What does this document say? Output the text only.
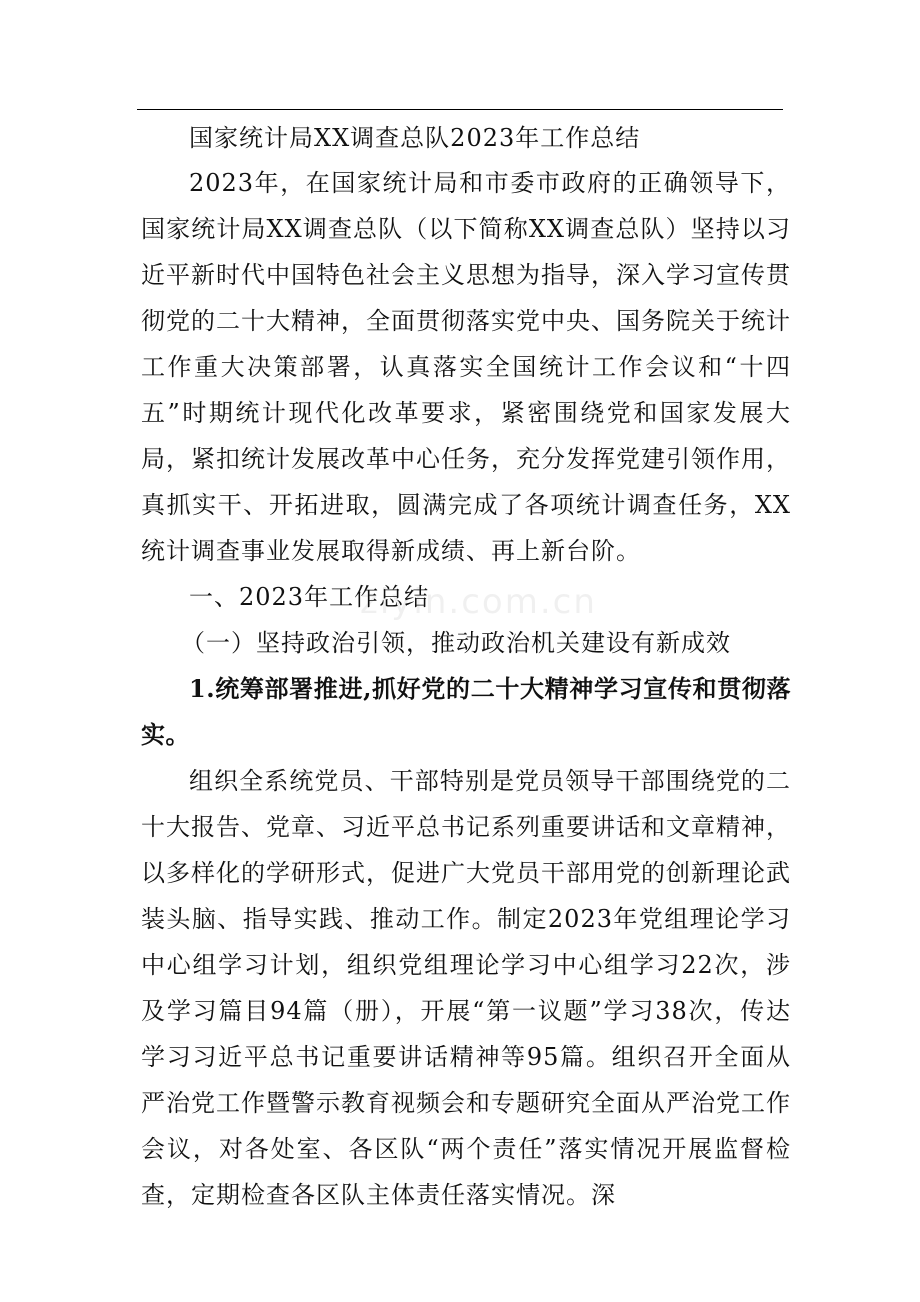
国家统计局XX调查总队2023年工作总结

2023年，在国家统计局和市委市政府的正确领导下，国家统计局XX调查总队（以下简称XX调查总队）坚持以习近平新时代中国特色社会主义思想为指导，深入学习宣传贯彻党的二十大精神，全面贯彻落实党中央、国务院关于统计工作重大决策部署，认真落实全国统计工作会议和“十四五”时期统计现代化改革要求，紧密围绕党和国家发展大局，紧扣统计发展改革中心任务，充分发挥党建引领作用，真抓实干、开拓进取，圆满完成了各项统计调查任务，XX统计调查事业发展取得新成绩、再上新台阶。

一、2023年工作总结

（一）坚持政治引领，推动政治机关建设有新成效

1.统筹部署推进,抓好党的二十大精神学习宣传和贯彻落实。

组织全系统党员、干部特别是党员领导干部围绕党的二十大报告、党章、习近平总书记系列重要讲话和文章精神，以多样化的学研形式，促进广大党员干部用党的创新理论武装头脑、指导实践、推动工作。制定2023年党组理论学习中心组学习计划，组织党组理论学习中心组学习22次，涉及学习篇目94篇（册），开展“第一议题”学习38次，传达学习习近平总书记重要讲话精神等95篇。组织召开全面从严治党工作暨警示教育视频会和专题研究全面从严治党工作会议，对各处室、各区队“两个责任”落实情况开展监督检查，定期检查各区队主体责任落实情况。深

ziyin.com.cn
